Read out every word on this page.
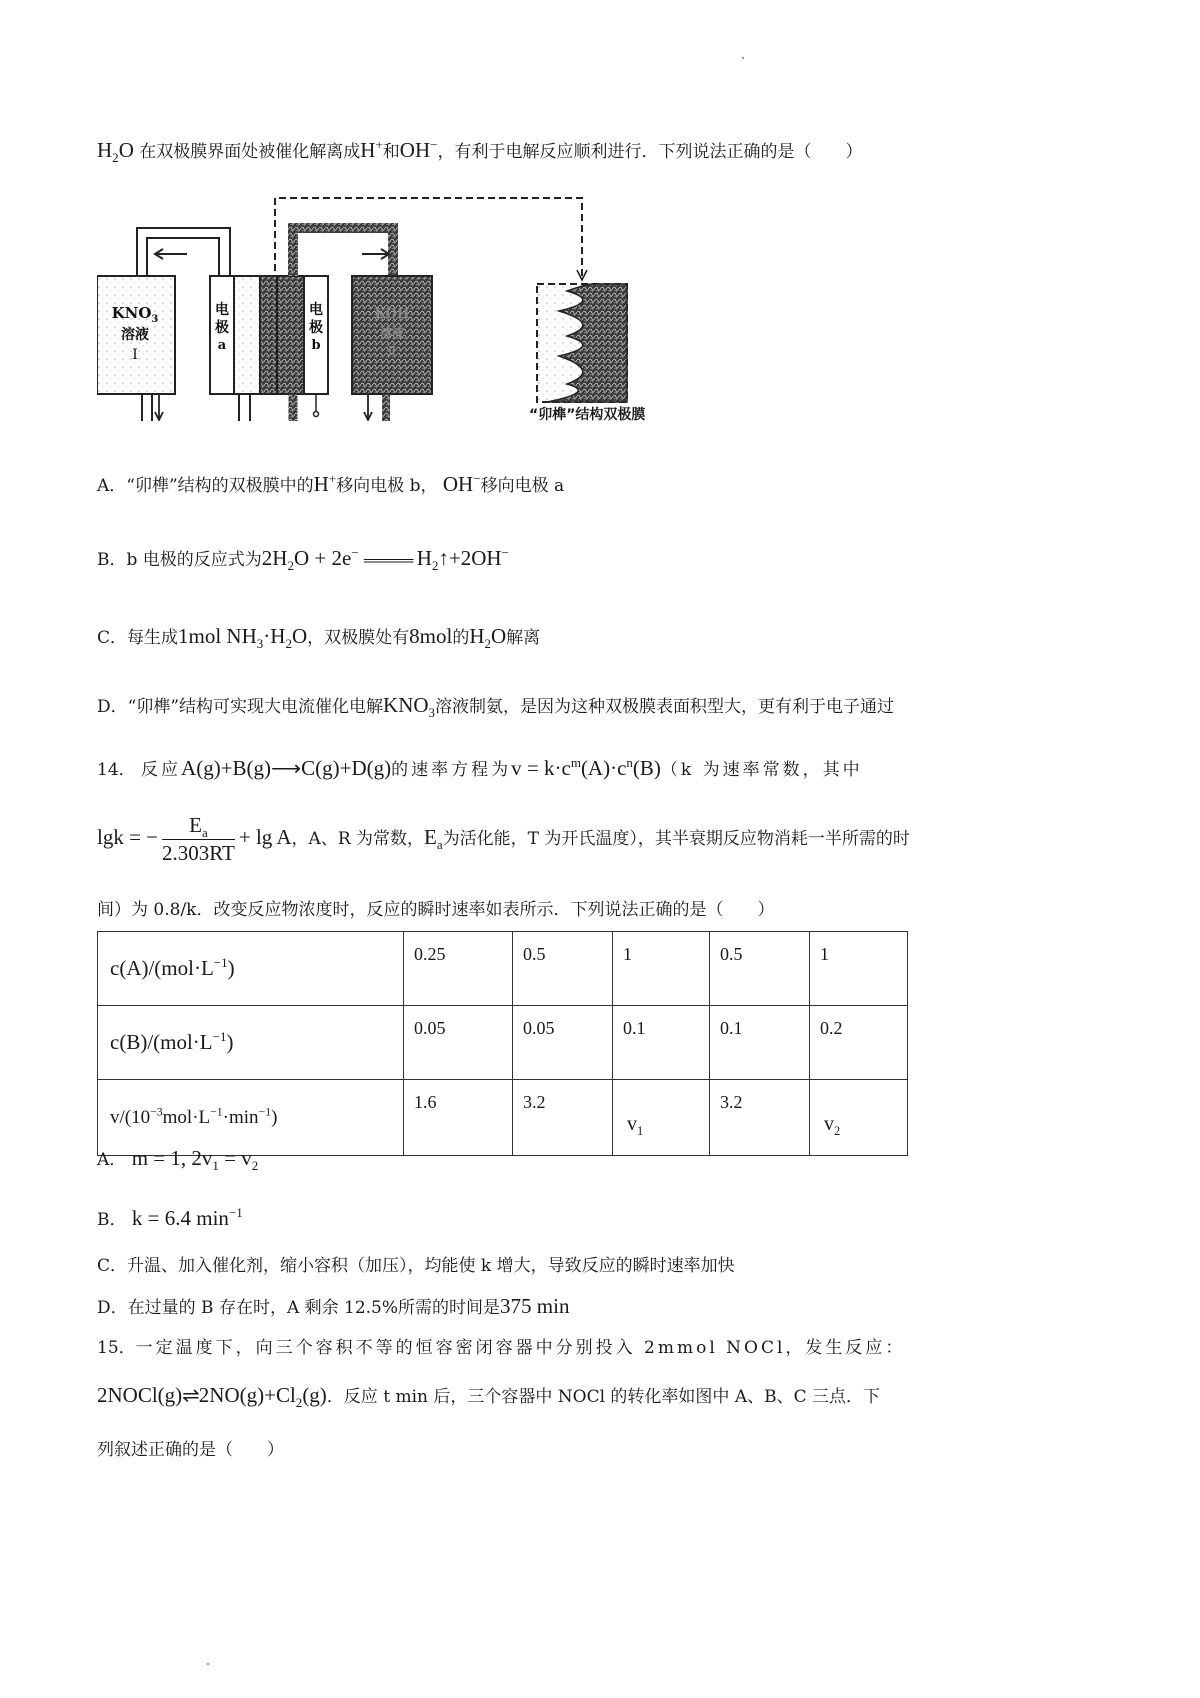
$H_2O$ 在双极膜界面处被催化解离成H+和OH−，有利于电解反应顺利进行．下列说法正确的是（　　）
$KNO_3$
溶液
Ⅰ
电
极
a
电
极
b
KOH
溶液
Ⅱ
“卯榫”结构双极膜
A．“卯榫”结构的双极膜中的H+移向电极 b， OH−移向电极 a
B．b 电极的反应式为$2H_2O + 2e^-$ ══════ $H_2↑+2OH^-$
C．每生成1mol $NH_3\cdot H_2O$，双极膜处有8mol的$H_2O$解离
D．“卯榫”结构可实现大电流催化电解$KNO_3$溶液制氨，是因为这种双极膜表面积型大，更有利于电子通过
14． 反应A(g)+B(g)⟶C(g)+D(g)的速率方程为$v = k\cdot c^m(A)\cdot c^n(B)(k$ 为速率常数，其中
lgk = − $\frac{E_a}{2.303RT} + \lg A$，A、R 为常数，$E_a$为活化能，T 为开氏温度），其半衰期反应物消耗一半所需的时
间）为 0.8/k．改变反应物浓度时，反应的瞬时速率如表所示．下列说法正确的是（　　）
$c(A)/(mol\cdot L^{-1})$	0.25	0.5	1	0.5	1
$c(B)/(mol\cdot L^{-1})$	0.05	0.05	0.1	0.1	0.2
$v/(10^{-3}mol\cdot L^{-1}\cdot\min^{-1})$	1.6	3.2	$v_1$	3.2	$v_2$
A． m = 1, $2v_1 = v_2$
B． k = 6.4 $\min^{-1}$
C．升温、加入催化剂，缩小容积（加压），均能使 k 增大，导致反应的瞬时速率加快
D．在过量的 B 存在时，A 剩余 12.5%所需的时间是375 min
15．一定温度下，向三个容积不等的恒容密闭容器中分别投入 2mmol NOCl，发生反应：
$2NOCl(g)\rightleftharpoons 2NO(g)+Cl_2(g)$．反应 t min 后，三个容器中 NOCl 的转化率如图中 A、B、C 三点．下
列叙述正确的是（　　）
